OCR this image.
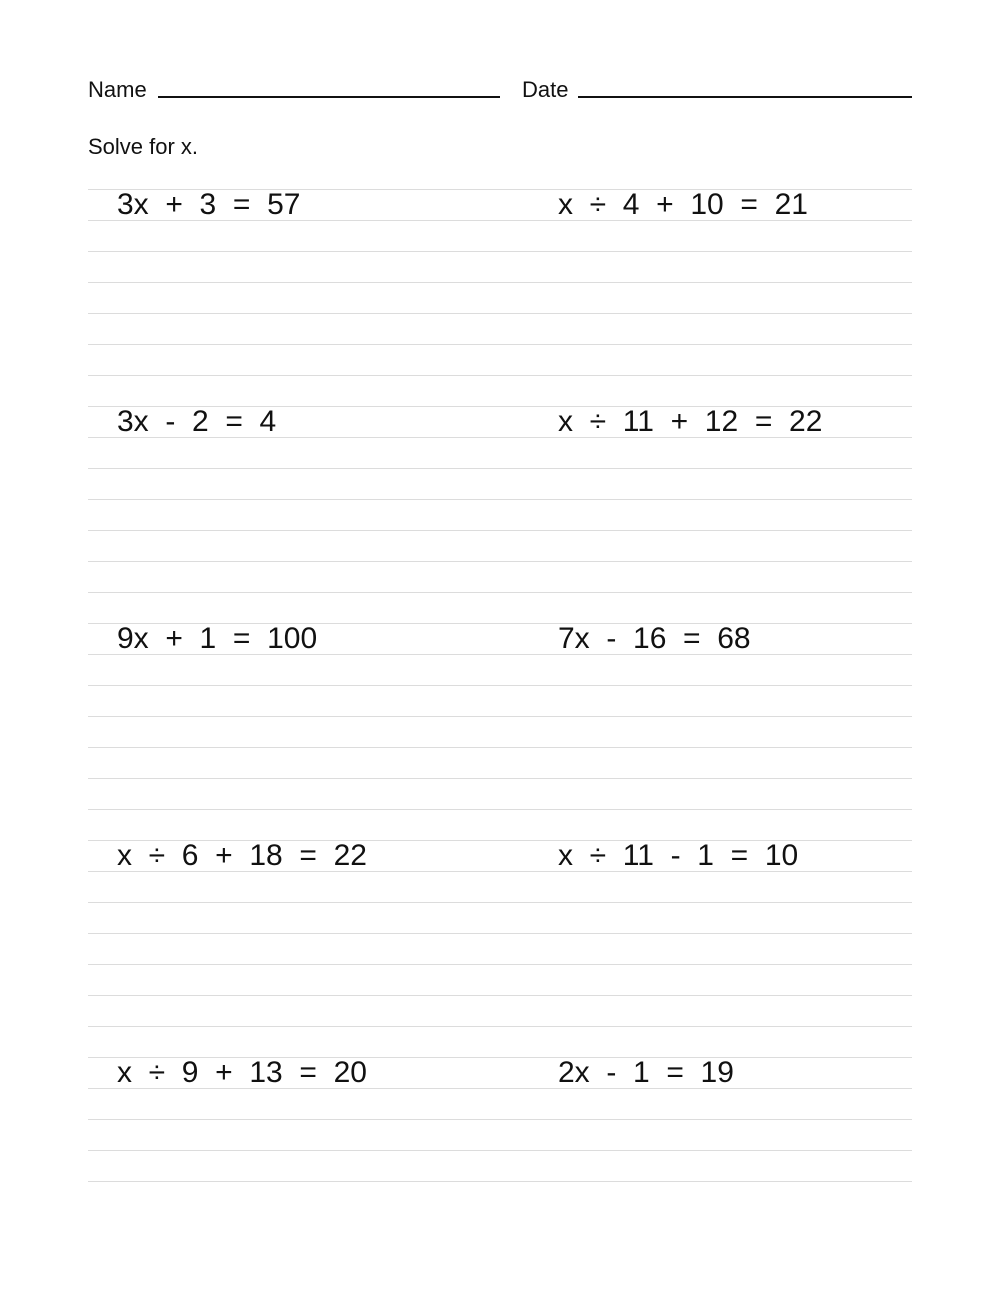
Name	Date
Solve for x.
3x  +  3  =  57	x  ÷  4  +  10  =  21
3x  -  2  =  4	x  ÷  11  +  12  =  22
9x  +  1  =  100	7x  -  16  =  68
x  ÷  6  +  18  =  22	x  ÷  11  -  1  =  10
x  ÷  9  +  13  =  20	2x  -  1  =  19
